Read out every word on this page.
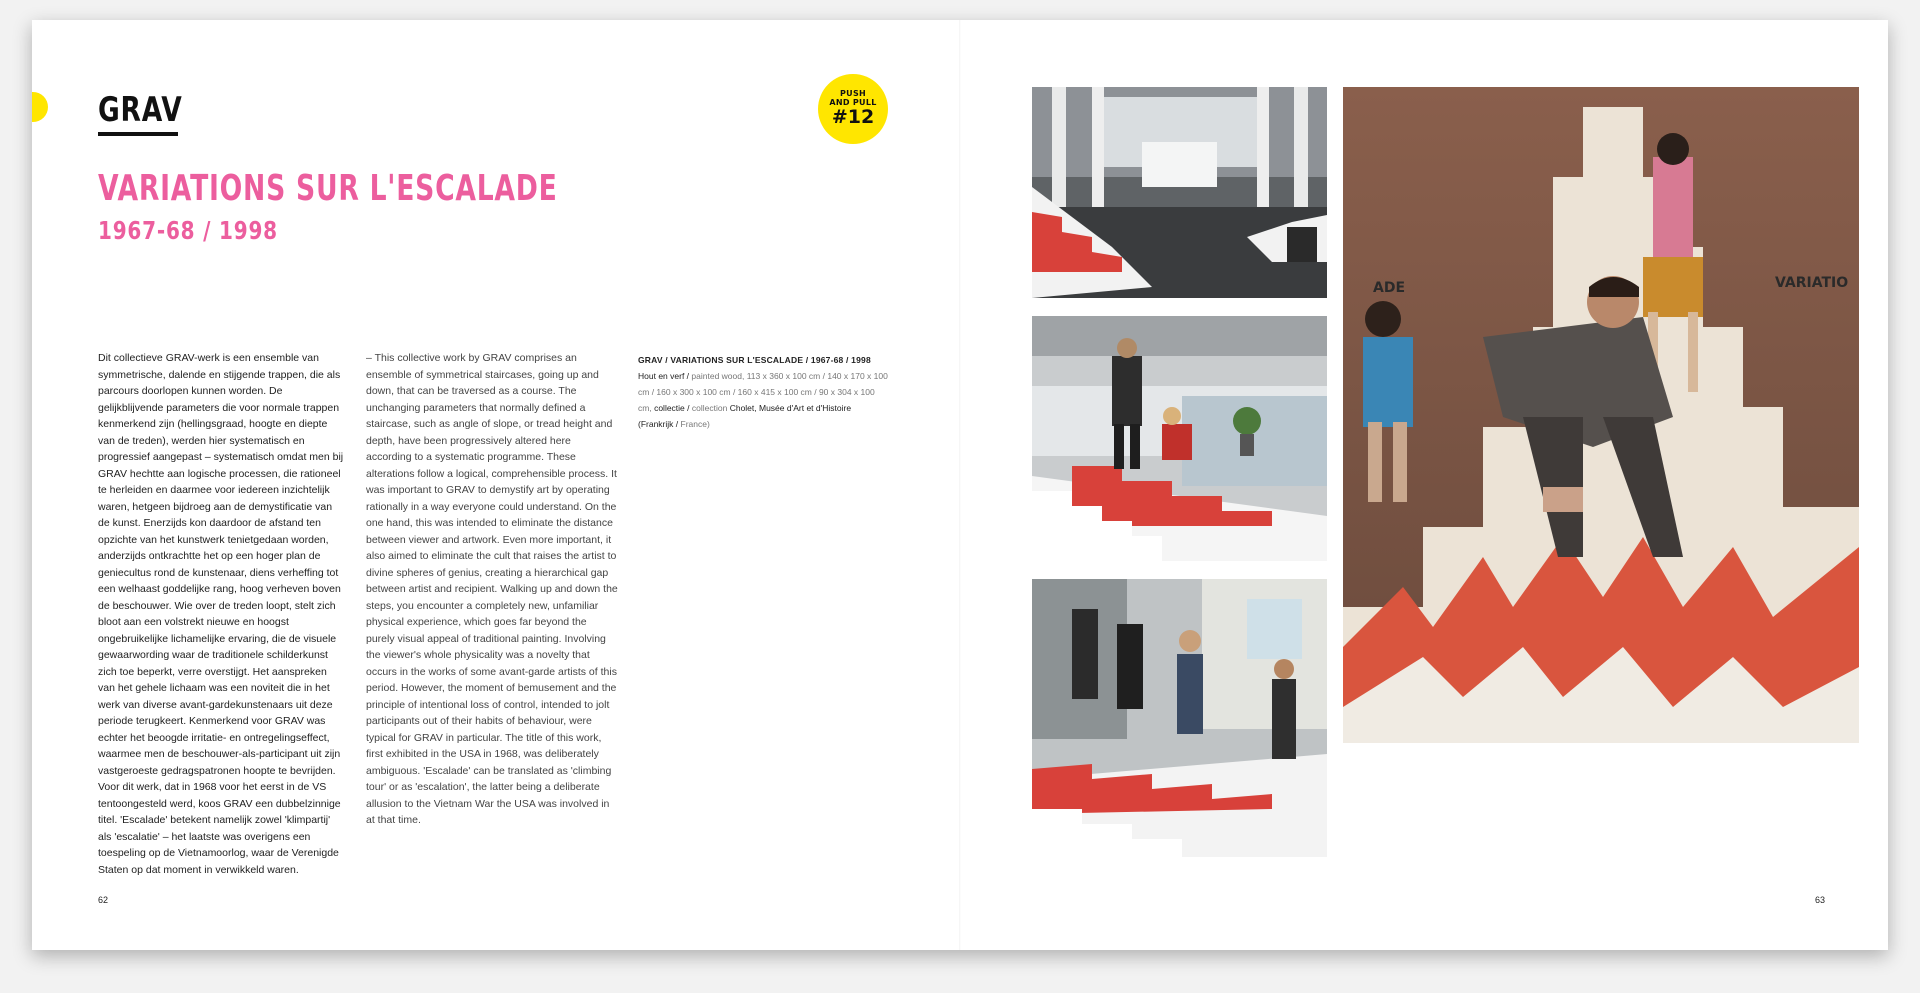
GRAV
VARIATIONS SUR L'ESCALADE
1967-68 / 1998
PUSH
AND PULL
#12
Dit collectieve GRAV-werk is een ensemble van symmetrische, dalende en stijgende trappen, die als parcours doorlopen kunnen worden. De gelijkblijvende parameters die voor normale trappen kenmerkend zijn (hellingsgraad, hoogte en diepte van de treden), werden hier systematisch en progressief aangepast – systematisch omdat men bij GRAV hechtte aan logische processen, die rationeel te herleiden en daarmee voor iedereen inzichtelijk waren, hetgeen bijdroeg aan de demystificatie van de kunst. Enerzijds kon daardoor de afstand ten opzichte van het kunstwerk tenietgedaan worden, anderzijds ontkrachtte het op een hoger plan de geniecultus rond de kunstenaar, diens verheffing tot een welhaast goddelijke rang, hoog verheven boven de beschouwer. Wie over de treden loopt, stelt zich bloot aan een volstrekt nieuwe en hoogst ongebruikelijke lichamelijke ervaring, die de visuele gewaarwording waar de traditionele schilderkunst zich toe beperkt, verre overstijgt. Het aanspreken van het gehele lichaam was een noviteit die in het werk van diverse avant-gardekunstenaars uit deze periode terugkeert. Kenmerkend voor GRAV was echter het beoogde irritatie- en ontregelingseffect, waarmee men de beschouwer-als-participant uit zijn vastgeroeste gedragspatronen hoopte te bevrijden. Voor dit werk, dat in 1968 voor het eerst in de VS tentoongesteld werd, koos GRAV een dubbelzinnige titel. 'Escalade' betekent namelijk zowel 'klimpartij' als 'escalatie' – het laatste was overigens een toespeling op de Vietnamoorlog, waar de Verenigde Staten op dat moment in verwikkeld waren.
– This collective work by GRAV comprises an ensemble of symmetrical staircases, going up and down, that can be traversed as a course. The unchanging parameters that normally defined a staircase, such as angle of slope, or tread height and depth, have been progressively altered here according to a systematic programme. These alterations follow a logical, comprehensible process. It was important to GRAV to demystify art by operating rationally in a way everyone could understand. On the one hand, this was intended to eliminate the distance between viewer and artwork. Even more important, it also aimed to eliminate the cult that raises the artist to divine spheres of genius, creating a hierarchical gap between artist and recipient. Walking up and down the steps, you encounter a completely new, unfamiliar physical experience, which goes far beyond the purely visual appeal of traditional painting. Involving the viewer's whole physicality was a novelty that occurs in the works of some avant-garde artists of this period. However, the moment of bemusement and the principle of intentional loss of control, intended to jolt participants out of their habits of behaviour, were typical for GRAV in particular. The title of this work, first exhibited in the USA in 1968, was deliberately ambiguous. 'Escalade' can be translated as 'climbing tour' or as 'escalation', the latter being a deliberate allusion to the Vietnam War the USA was involved in at that time.
GRAV / VARIATIONS SUR L'ESCALADE / 1967-68 / 1998
Hout en verf / painted wood, 113 x 360 x 100 cm / 140 x 170 x 100 cm / 160 x 300 x 100 cm / 160 x 415 x 100 cm / 90 x 304 x 100 cm, collectie / collection Cholet, Musée d'Art et d'Histoire (Frankrijk / France)
62	63
ADE	VARIATIO
